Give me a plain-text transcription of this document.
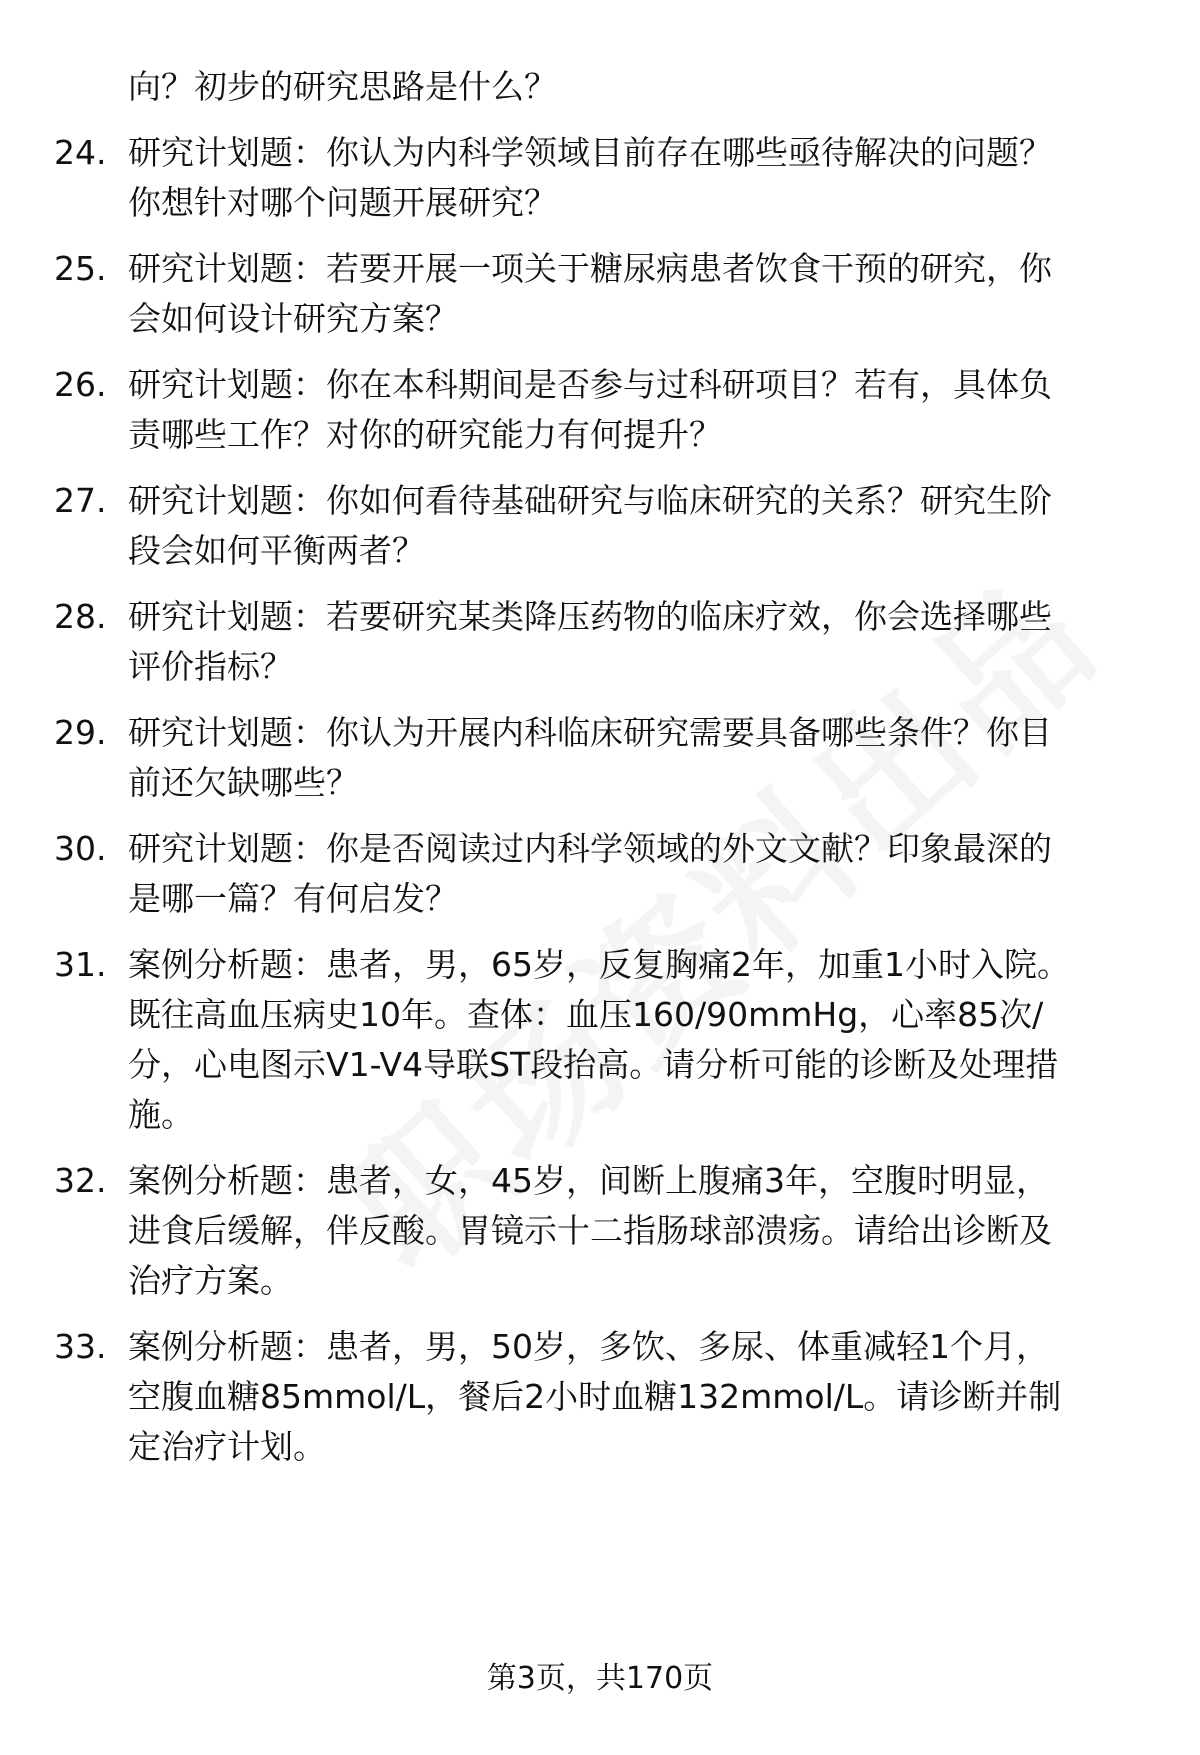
向？初步的研究思路是什么？
24. 研究计划题：你认为内科学领域目前存在哪些亟待解决的问题？
你想针对哪个问题开展研究？
25. 研究计划题：若要开展一项关于糖尿病患者饮食干预的研究，你
会如何设计研究方案？
26. 研究计划题：你在本科期间是否参与过科研项目？若有，具体负
责哪些工作？对你的研究能力有何提升？
27. 研究计划题：你如何看待基础研究与临床研究的关系？研究生阶
段会如何平衡两者？
28. 研究计划题：若要研究某类降压药物的临床疗效，你会选择哪些
评价指标？
29. 研究计划题：你认为开展内科临床研究需要具备哪些条件？你目
前还欠缺哪些？
30. 研究计划题：你是否阅读过内科学领域的外文文献？印象最深的
是哪一篇？有何启发？
31. 案例分析题：患者，男，65岁，反复胸痛2年，加重1小时入院。
既往高血压病史10年。查体：血压160/90mmHg，心率85次/
分，心电图示V1-V4导联ST段抬高。请分析可能的诊断及处理措
施。
32. 案例分析题：患者，女，45岁，间断上腹痛3年，空腹时明显，
进食后缓解，伴反酸。胃镜示十二指肠球部溃疡。请给出诊断及
治疗方案。
33. 案例分析题：患者，男，50岁，多饮、多尿、体重减轻1个月，
空腹血糖85mmol/L，餐后2小时血糖132mmol/L。请诊断并制
定治疗计划。
第3页，共170页
